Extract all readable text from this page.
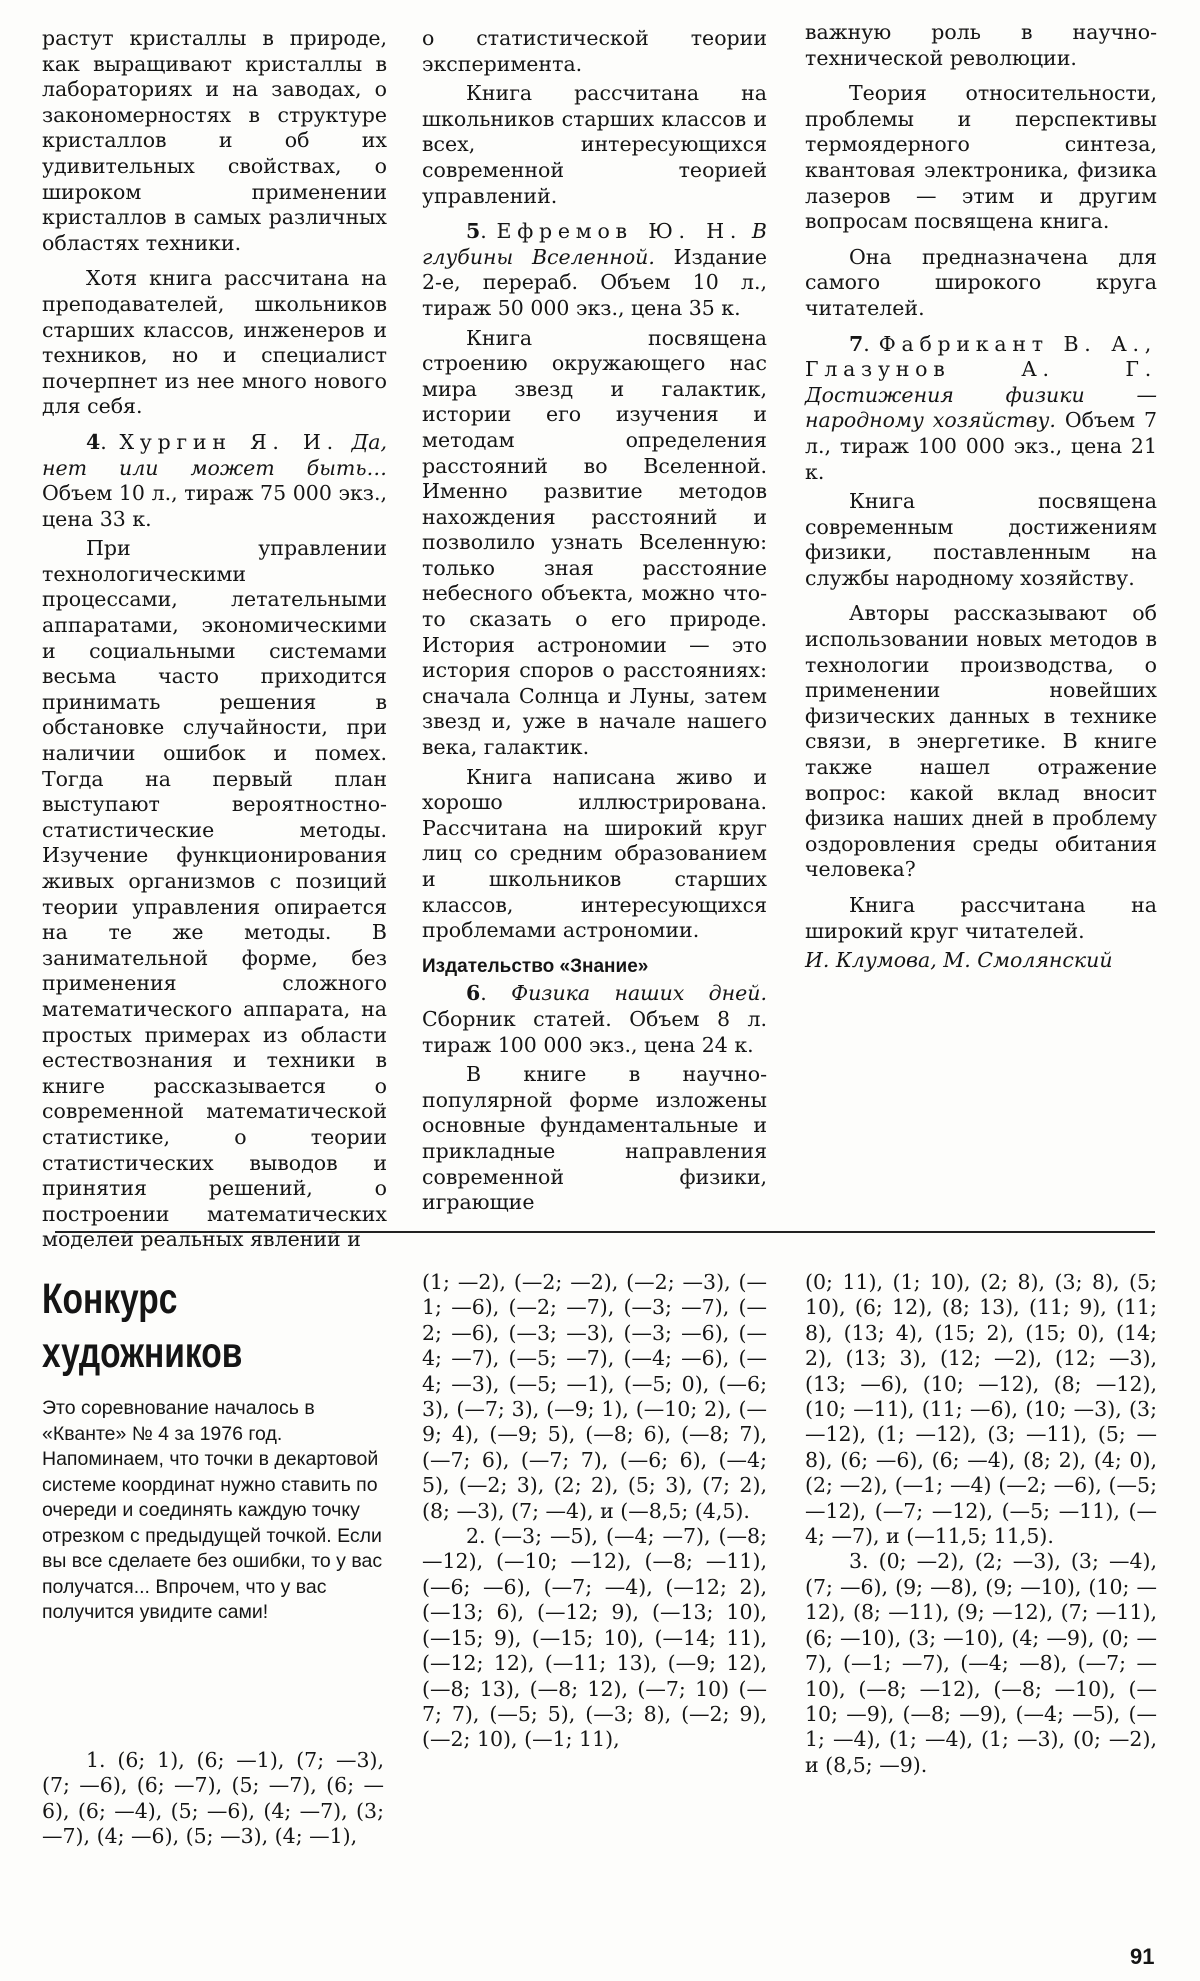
растут кристаллы в природе, как выращивают кристаллы в лабораториях и на заводах, о закономерностях в структуре кристаллов и об их удивительных свойствах, о широком применении кристаллов в самых различных областях техники.

Хотя книга рассчитана на преподавателей, школьников старших классов, инженеров и техников, но и специалист почерпнет из нее много нового для себя.

4. Хургин Я. И. Да, нет или может быть… Объем 10 л., тираж 75 000 экз., цена 33 к.

При управлении технологическими процессами, летательными аппаратами, экономическими и социальными системами весьма часто приходится принимать решения в обстановке случайности, при наличии ошибок и помех. Тогда на первый план выступают вероятностно-статистические методы. Изучение функционирования живых организмов с позиций теории управления опирается на те же методы. В занимательной форме, без применения сложного математического аппарата, на простых примерах из области естествознания и техники в книге рассказывается о современной математической статистике, о теории статистических выводов и принятия решений, о построении математических моделей реальных явлений и

о статистической теории эксперимента.

Книга рассчитана на школьников старших классов и всех, интересующихся современной теорией управлений.

5. Ефремов Ю. Н. В глубины Вселенной. Издание 2-е, перераб. Объем 10 л., тираж 50 000 экз., цена 35 к.

Книга посвящена строению окружающего нас мира звезд и галактик, истории его изучения и методам определения расстояний во Вселенной. Именно развитие методов нахождения расстояний и позволило узнать Вселенную: только зная расстояние небесного объекта, можно что-то сказать о его природе. История астрономии — это история споров о расстояниях: сначала Солнца и Луны, затем звезд и, уже в начале нашего века, галактик.

Книга написана живо и хорошо иллюстрирована. Рассчитана на широкий круг лиц со средним образованием и школьников старших классов, интересующихся проблемами астрономии.

Издательство «Знание»

6. Физика наших дней. Сборник статей. Объем 8 л. тираж 100 000 экз., цена 24 к.

В книге в научно-популярной форме изложены основные фундаментальные и прикладные направления современной физики, играющие

важную роль в научно-технической революции.

Теория относительности, проблемы и перспективы термоядерного синтеза, квантовая электроника, физика лазеров — этим и другим вопросам посвящена книга.

Она предназначена для самого широкого круга читателей.

7. Фабрикант В. А., Глазунов А. Г. Достижения физики — народному хозяйству. Объем 7 л., тираж 100 000 экз., цена 21 к.

Книга посвящена современным достижениям физики, поставленным на службы народному хозяйству.

Авторы рассказывают об использовании новых методов в технологии производства, о применении новейших физических данных в технике связи, в энергетике. В книге также нашел отражение вопрос: какой вклад вносит физика наших дней в проблему оздоровления среды обитания человека?

Книга рассчитана на широкий круг читателей.

И. Клумова, М. Смолянский

Конкурс
художников

Это соревнование началось в «Кванте» № 4 за 1976 год. Напоминаем, что точки в декартовой системе координат нужно ставить по очереди и соединять каждую точку отрезком с предыдущей точкой. Если вы все сделаете без ошибки, то у вас получатся... Впрочем, что у вас получится увидите сами!

1. (6; 1), (6; —1), (7; —3), (7; —6), (6; —7), (5; —7), (6; —6), (6; —4), (5; —6), (4; —7), (3;—7), (4; —6), (5; —3), (4; —1),

(1; —2), (—2; —2), (—2; —3), (—1; —6), (—2; —7), (—3; —7), (—2; —6), (—3; —3), (—3; —6), (—4; —7), (—5; —7), (—4; —6), (—4; —3), (—5; —1), (—5; 0), (—6; 3), (—7; 3), (—9; 1), (—10; 2), (—9; 4), (—9; 5), (—8; 6), (—8; 7), (—7; 6), (—7; 7), (—6; 6), (—4; 5), (—2; 3), (2; 2), (5; 3), (7; 2), (8; —3), (7; —4), и (—8,5; (4,5).

2. (—3; —5), (—4; —7), (—8; —12), (—10; —12), (—8; —11), (—6; —6), (—7; —4), (—12; 2), (—13; 6), (—12; 9), (—13; 10), (—15; 9), (—15; 10), (—14; 11), (—12; 12), (—11; 13), (—9; 12), (—8; 13), (—8; 12), (—7; 10) (—7; 7), (—5; 5), (—3; 8), (—2; 9), (—2; 10), (—1; 11),

(0; 11), (1; 10), (2; 8), (3; 8), (5; 10), (6; 12), (8; 13), (11; 9), (11; 8), (13; 4), (15; 2), (15; 0), (14; 2), (13; 3), (12; —2), (12; —3), (13; —6), (10; —12), (8; —12), (10; —11), (11; —6), (10; —3), (3; —12), (1; —12), (3; —11), (5; —8), (6; —6), (6; —4), (8; 2), (4; 0), (2; —2), (—1; —4) (—2; —6), (—5; —12), (—7; —12), (—5; —11), (—4; —7), и (—11,5; 11,5).

3. (0; —2), (2; —3), (3; —4), (7; —6), (9; —8), (9; —10), (10; —12), (8; —11), (9; —12), (7; —11), (6; —10), (3; —10), (4; —9), (0; —7), (—1; —7), (—4; —8), (—7; —10), (—8; —12), (—8; —10), (—10; —9), (—8; —9), (—4; —5), (—1; —4), (1; —4), (1; —3), (0; —2), и (8,5; —9).

91
